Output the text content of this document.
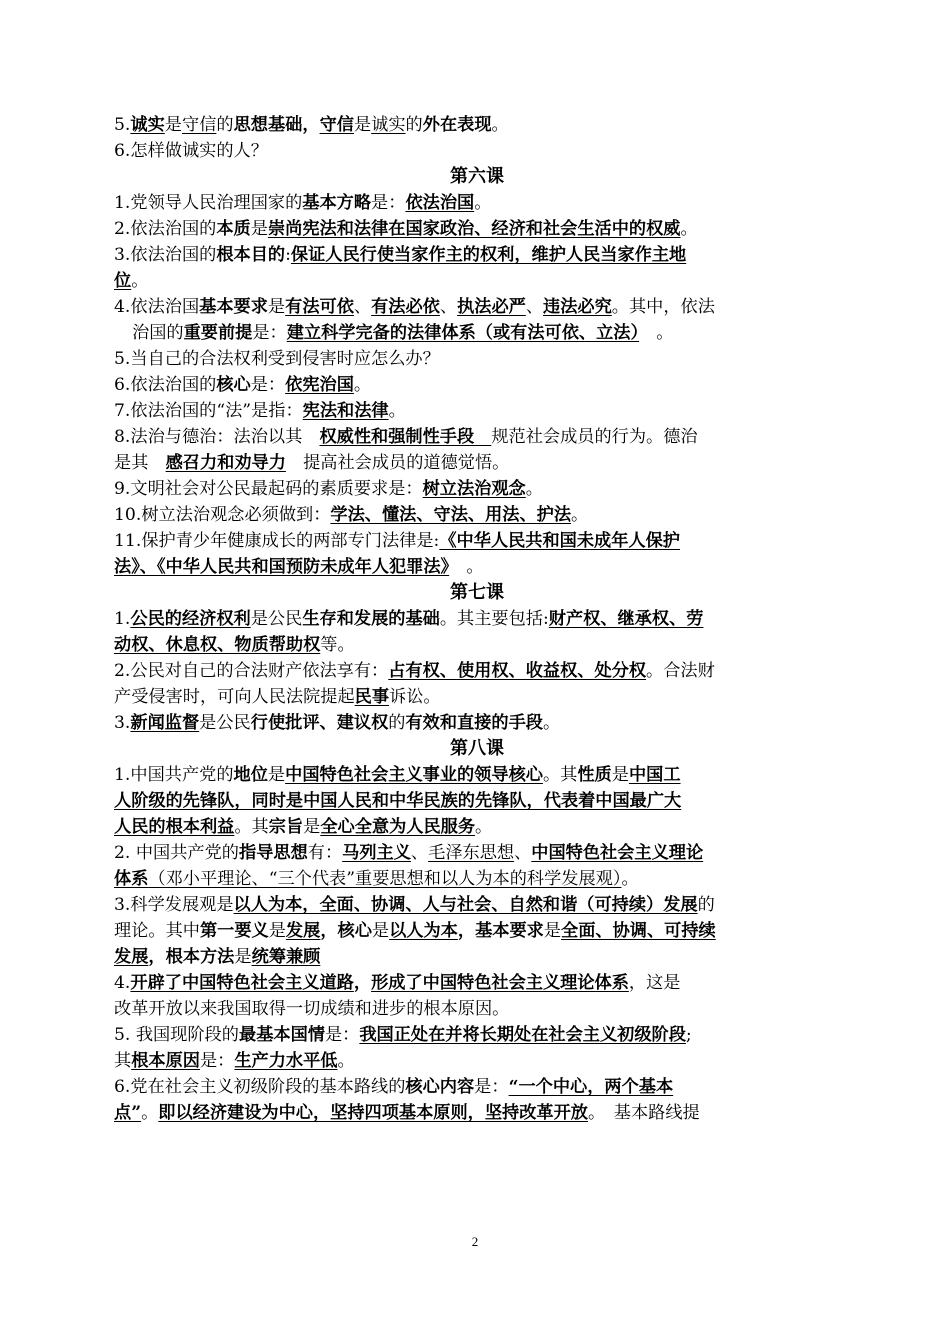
5.诚实是守信的思想基础，守信是诚实的外在表现。
6.怎样做诚实的人？
第六课
1.党领导人民治理国家的基本方略是：依法治国。
2.依法治国的本质是崇尚宪法和法律在国家政治、经济和社会生活中的权威。
3.依法治国的根本目的:保证人民行使当家作主的权利，维护人民当家作主地
位。
4.依法治国基本要求是有法可依、有法必依、执法必严、违法必究。其中，依法
治国的重要前提是：建立科学完备的法律体系（或有法可依、立法）　。
5.当自己的合法权利受到侵害时应怎么办？
6.依法治国的核心是：依宪治国。
7.依法治国的“法”是指：宪法和法律。
8.法治与德治：法治以其　权威性和强制性手段　规范社会成员的行为。德治
是其　感召力和劝导力　提高社会成员的道德觉悟。
9.文明社会对公民最起码的素质要求是：树立法治观念。
10.树立法治观念必须做到：学法、懂法、守法、用法、护法。
11.保护青少年健康成长的两部专门法律是:《中华人民共和国未成年人保护
法》、《中华人民共和国预防未成年人犯罪法》　。
第七课
1.公民的经济权利是公民生存和发展的基础。其主要包括:财产权、继承权、劳
动权、休息权、物质帮助权等。
2.公民对自己的合法财产依法享有：占有权、使用权、收益权、处分权。合法财
产受侵害时，可向人民法院提起民事诉讼。
3.新闻监督是公民行使批评、建议权的有效和直接的手段。
第八课
1.中国共产党的地位是中国特色社会主义事业的领导核心。其性质是中国工
人阶级的先锋队，同时是中国人民和中华民族的先锋队，代表着中国最广大
人民的根本利益。其宗旨是全心全意为人民服务。
2. 中国共产党的指导思想有：马列主义、毛泽东思想、中国特色社会主义理论
体系（邓小平理论、“三个代表”重要思想和以人为本的科学发展观）。
3.科学发展观是以人为本，全面、协调、人与社会、自然和谐（可持续）发展的
理论。其中第一要义是发展，核心是以人为本，基本要求是全面、协调、可持续
发展，根本方法是统筹兼顾
4.开辟了中国特色社会主义道路，形成了中国特色社会主义理论体系，这是
改革开放以来我国取得一切成绩和进步的根本原因。
5. 我国现阶段的最基本国情是：我国正处在并将长期处在社会主义初级阶段;
其根本原因是：生产力水平低。
6.党在社会主义初级阶段的基本路线的核心内容是：“一个中心，两个基本
点”。即以经济建设为中心，坚持四项基本原则，坚持改革开放。　基本路线提
2
